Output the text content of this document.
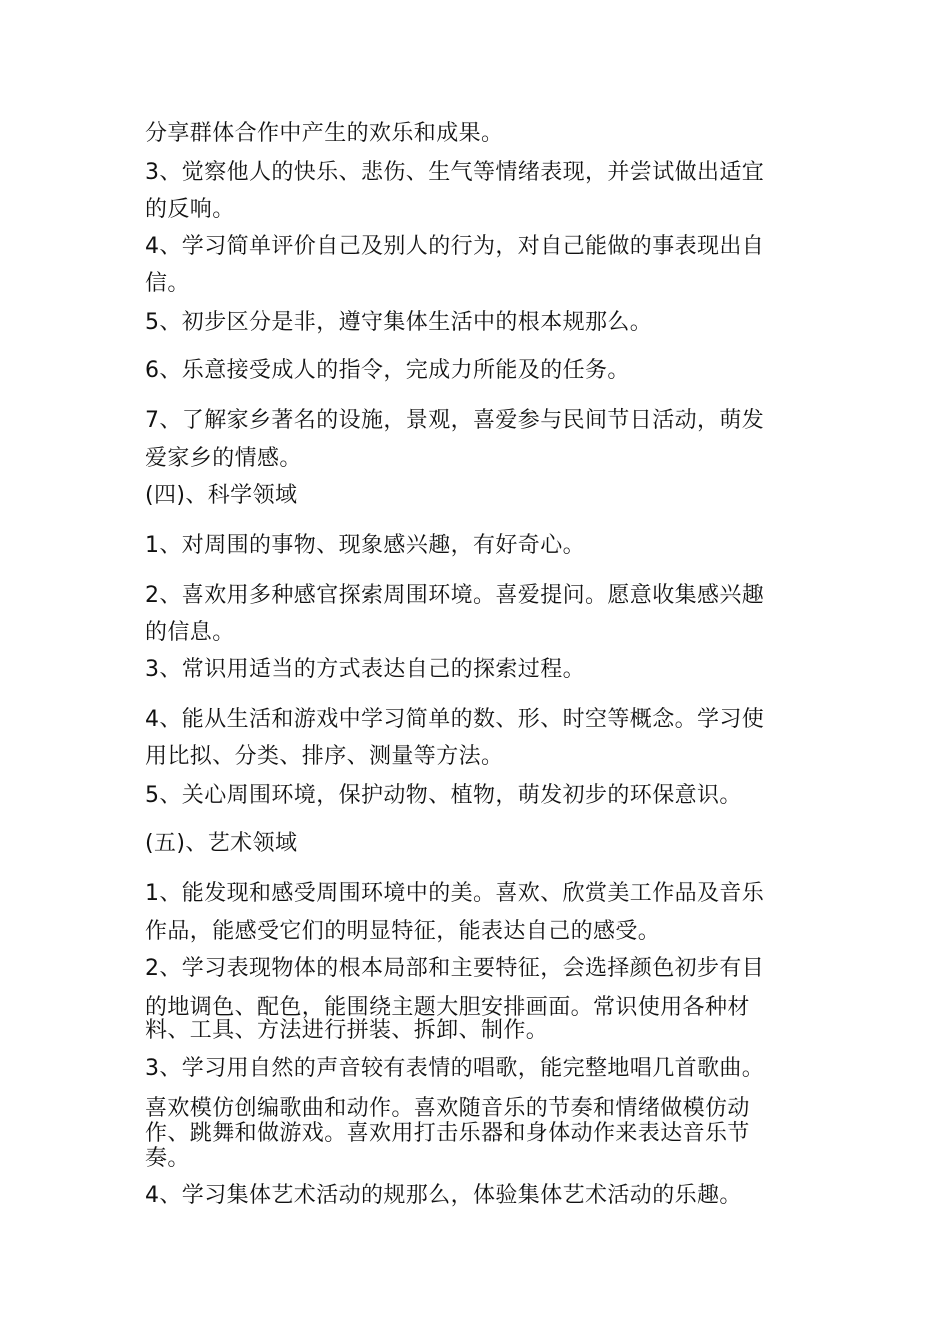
分享群体合作中产生的欢乐和成果。
3、觉察他人的快乐、悲伤、生气等情绪表现，并尝试做出适宜
的反响。
4、学习简单评价自己及别人的行为，对自己能做的事表现出自
信。
5、初步区分是非，遵守集体生活中的根本规那么。
6、乐意接受成人的指令，完成力所能及的任务。
7、了解家乡著名的设施，景观，喜爱参与民间节日活动，萌发
爱家乡的情感。
(四)、科学领域
1、对周围的事物、现象感兴趣，有好奇心。
2、喜欢用多种感官探索周围环境。喜爱提问。愿意收集感兴趣
的信息。
3、常识用适当的方式表达自己的探索过程。
4、能从生活和游戏中学习简单的数、形、时空等概念。学习使
用比拟、分类、排序、测量等方法。
5、关心周围环境，保护动物、植物，萌发初步的环保意识。
(五)、艺术领域
1、能发现和感受周围环境中的美。喜欢、欣赏美工作品及音乐
作品，能感受它们的明显特征，能表达自己的感受。
2、学习表现物体的根本局部和主要特征，会选择颜色初步有目
的地调色、配色，能围绕主题大胆安排画面。常识使用各种材
料、工具、方法进行拼装、拆卸、制作。
3、学习用自然的声音较有表情的唱歌，能完整地唱几首歌曲。
喜欢模仿创编歌曲和动作。喜欢随音乐的节奏和情绪做模仿动
作、跳舞和做游戏。喜欢用打击乐器和身体动作来表达音乐节
奏。
4、学习集体艺术活动的规那么，体验集体艺术活动的乐趣。
